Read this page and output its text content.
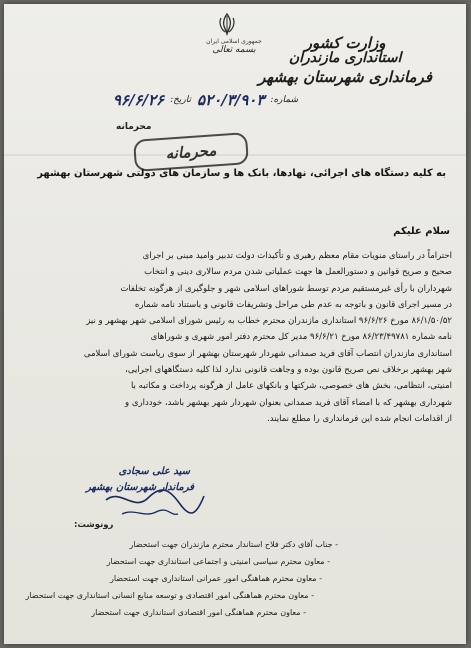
جمهوری اسلامی ایران
بسمه تعالی	وزارت کشور
استانداری مازندران
فرمانداری شهرستان بهشهر
شماره:
۵۲۰/۳/۹۰۳
تاریخ:
۹۶/۶/۲۶
محرمانه
محرمانه
به کلیه دستگاه های اجرائی، نهادها، بانک ها و سازمان های دولتی شهرستان بهشهر
سلام علیکم

احتراماً در راستای منویات مقام معظم رهبری و تأکیدات دولت تدبیر وامید مبنی بر اجرای

صحیح و صریح قوانین و دستورالعمل ها جهت عملیاتی شدن مردم سالاری دینی و انتخاب

شهرداران با رأی غیرمستقیم مردم توسط شوراهای اسلامی شهر و جلوگیری از هرگونه تخلفات

در مسیر اجرای قانون و باتوجه به عدم طی مراحل وتشریفات قانونی و باستناد نامه شماره

۸۶/۱/۵۰/۵۲ مورخ ۹۶/۶/۲۶ استانداری مازندران محترم خطاب به رئیس شورای اسلامی شهر بهشهر و نیز

نامه شماره ۸۶/۲۳/۴۹۷۸۱ مورخ ۹۶/۶/۲۱ مدیر کل محترم دفتر امور شهری و شوراهای

استانداری مازندران انتصاب آقای فرید صمدانی شهردار شهرستان بهشهر از سوی ریاست شورای اسلامی

شهر بهشهر برخلاف نص صریح قانون بوده و وجاهت قانونی ندارد لذا کلیه دستگاههای اجرایی،

امنیتی، انتظامی، بخش های خصوصی، شرکتها و بانکهای عامل از هرگونه پرداخت و مکاتبه با

شهرداری بهشهر که با امضاء آقای فرید صمدانی بعنوان شهردار شهر بهشهر باشد، خودداری و

از اقدامات انجام شده این فرمانداری را مطلع نمایند.

سید علی سجادی
فرماندار شهرستان بهشهر
رونوشت:
- جناب آقای دکتر فلاح استاندار محترم مازندران جهت استحضار
- معاون محترم سیاسی امنیتی و اجتماعی استانداری جهت استحضار
- معاون محترم هماهنگی امور عمرانی استانداری جهت استحضار
- معاون محترم هماهنگی امور اقتصادی و توسعه منابع انسانی استانداری جهت استحضار
- معاون محترم هماهنگی امور اقتصادی استانداری جهت استحضار
